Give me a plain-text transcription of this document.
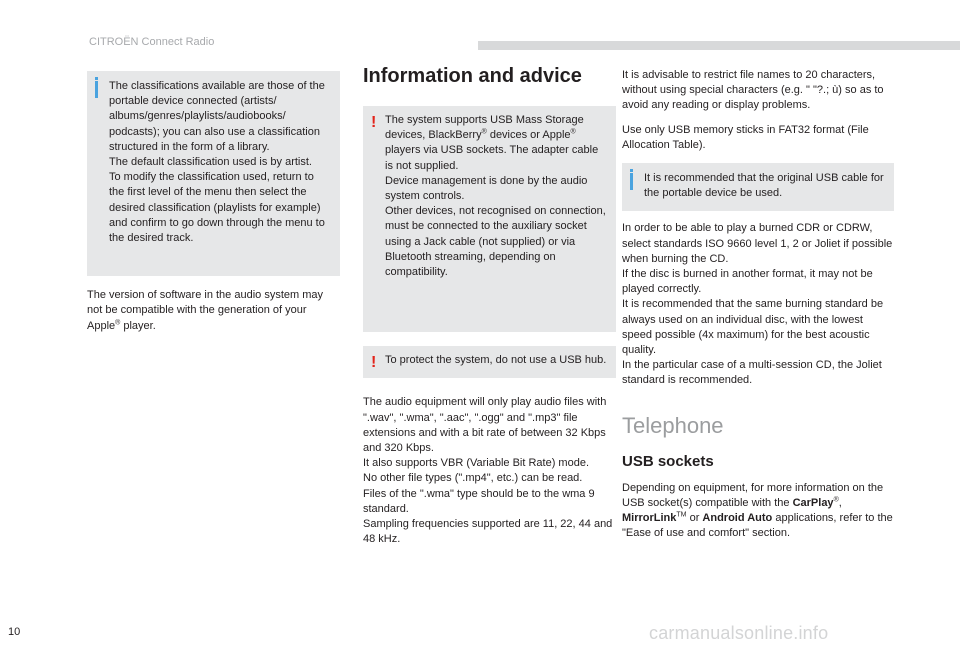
CITROËN Connect Radio

The classifications available are those of the portable device connected (artists/ albums/genres/playlists/audiobooks/ podcasts); you can also use a classification structured in the form of a library.

The default classification used is by artist.

To modify the classification used, return to the first level of the menu then select the desired classification (playlists for example) and confirm to go down through the menu to the desired track.

The version of software in the audio system may not be compatible with the generation of your Apple® player.

Information and advice
! The system supports USB Mass Storage devices, BlackBerry® devices or Apple® players via USB sockets. The adapter cable is not supplied.

Device management is done by the audio system controls.

Other devices, not recognised on connection, must be connected to the auxiliary socket using a Jack cable (not supplied) or via Bluetooth streaming, depending on compatibility.

! To protect the system, do not use a USB hub.

The audio equipment will only play audio files with ".wav", ".wma", ".aac", ".ogg" and ".mp3" file extensions and with a bit rate of between 32 Kbps and 320 Kbps.

It also supports VBR (Variable Bit Rate) mode.

No other file types (".mp4", etc.) can be read.

Files of the ".wma" type should be to the wma 9 standard.

Sampling frequencies supported are 11, 22, 44 and 48 kHz.

It is advisable to restrict file names to 20 characters, without using special characters (e.g. " "?.; ù) so as to avoid any reading or display problems.

Use only USB memory sticks in FAT32 format (File Allocation Table).

It is recommended that the original USB cable for the portable device be used.

In order to be able to play a burned CDR or CDRW, select standards ISO 9660 level 1, 2 or Joliet if possible when burning the CD.

If the disc is burned in another format, it may not be played correctly.

It is recommended that the same burning standard be always used on an individual disc, with the lowest speed possible (4x maximum) for the best acoustic quality.

In the particular case of a multi-session CD, the Joliet standard is recommended.

Telephone
USB sockets

Depending on equipment, for more information on the USB socket(s) compatible with the CarPlay®, MirrorLink™ or Android Auto applications, refer to the "Ease of use and comfort" section.

10	carmanualsonline.info
